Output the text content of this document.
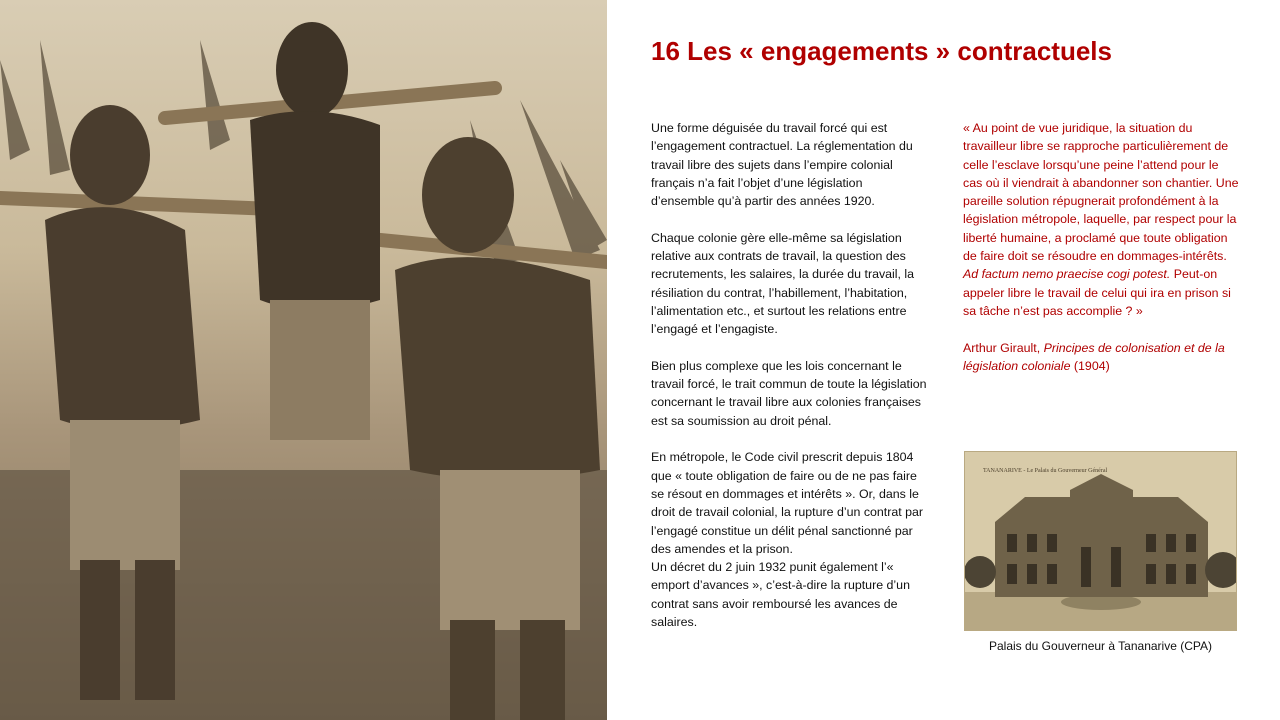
16 Les « engagements » contractuels

Une forme déguisée du travail forcé qui est l’engagement contractuel. La réglementation du travail libre des sujets dans l’empire colonial français n’a fait l’objet d’une législation d’ensemble qu’à partir des années 1920.

Chaque colonie gère elle-même sa législation relative aux contrats de travail, la question des recrutements, les salaires, la durée du travail, la résiliation du contrat, l’habillement, l’habitation, l’alimentation etc., et surtout les relations entre l’engagé et l’engagiste.

Bien plus complexe que les lois concernant le travail forcé, le trait commun de toute la législation concernant le travail libre aux colonies françaises est sa soumission au droit pénal.

En métropole, le Code civil prescrit depuis 1804 que « toute obligation de faire ou de ne pas faire se résout en dommages et intérêts ». Or, dans le droit de travail colonial, la rupture d’un contrat par l’engagé constitue un délit pénal sanctionné par des amendes et la prison.

Un décret du 2 juin 1932 punit également l’« emport d’avances », c’est-à-dire la rupture d’un contrat sans avoir remboursé les avances de salaires.

« Au point de vue juridique, la situation du travailleur libre se rapproche particulièrement de celle l’esclave lorsqu’une peine l’attend pour le cas où il viendrait à abandonner son chantier. Une pareille solution répugnerait profondément à la législation métropole, laquelle, par respect pour la liberté humaine, a proclamé que toute obligation de faire doit se résoudre en dommages-intérêts. Ad factum nemo praecise cogi potest. Peut-on appeler libre le travail de celui qui ira en prison si sa tâche n’est pas accomplie ? »

Arthur Girault, Principes de colonisation et de la législation coloniale (1904)

TANANARIVE - Le Palais du Gouverneur Général
Palais du Gouverneur à Tananarive (CPA)
